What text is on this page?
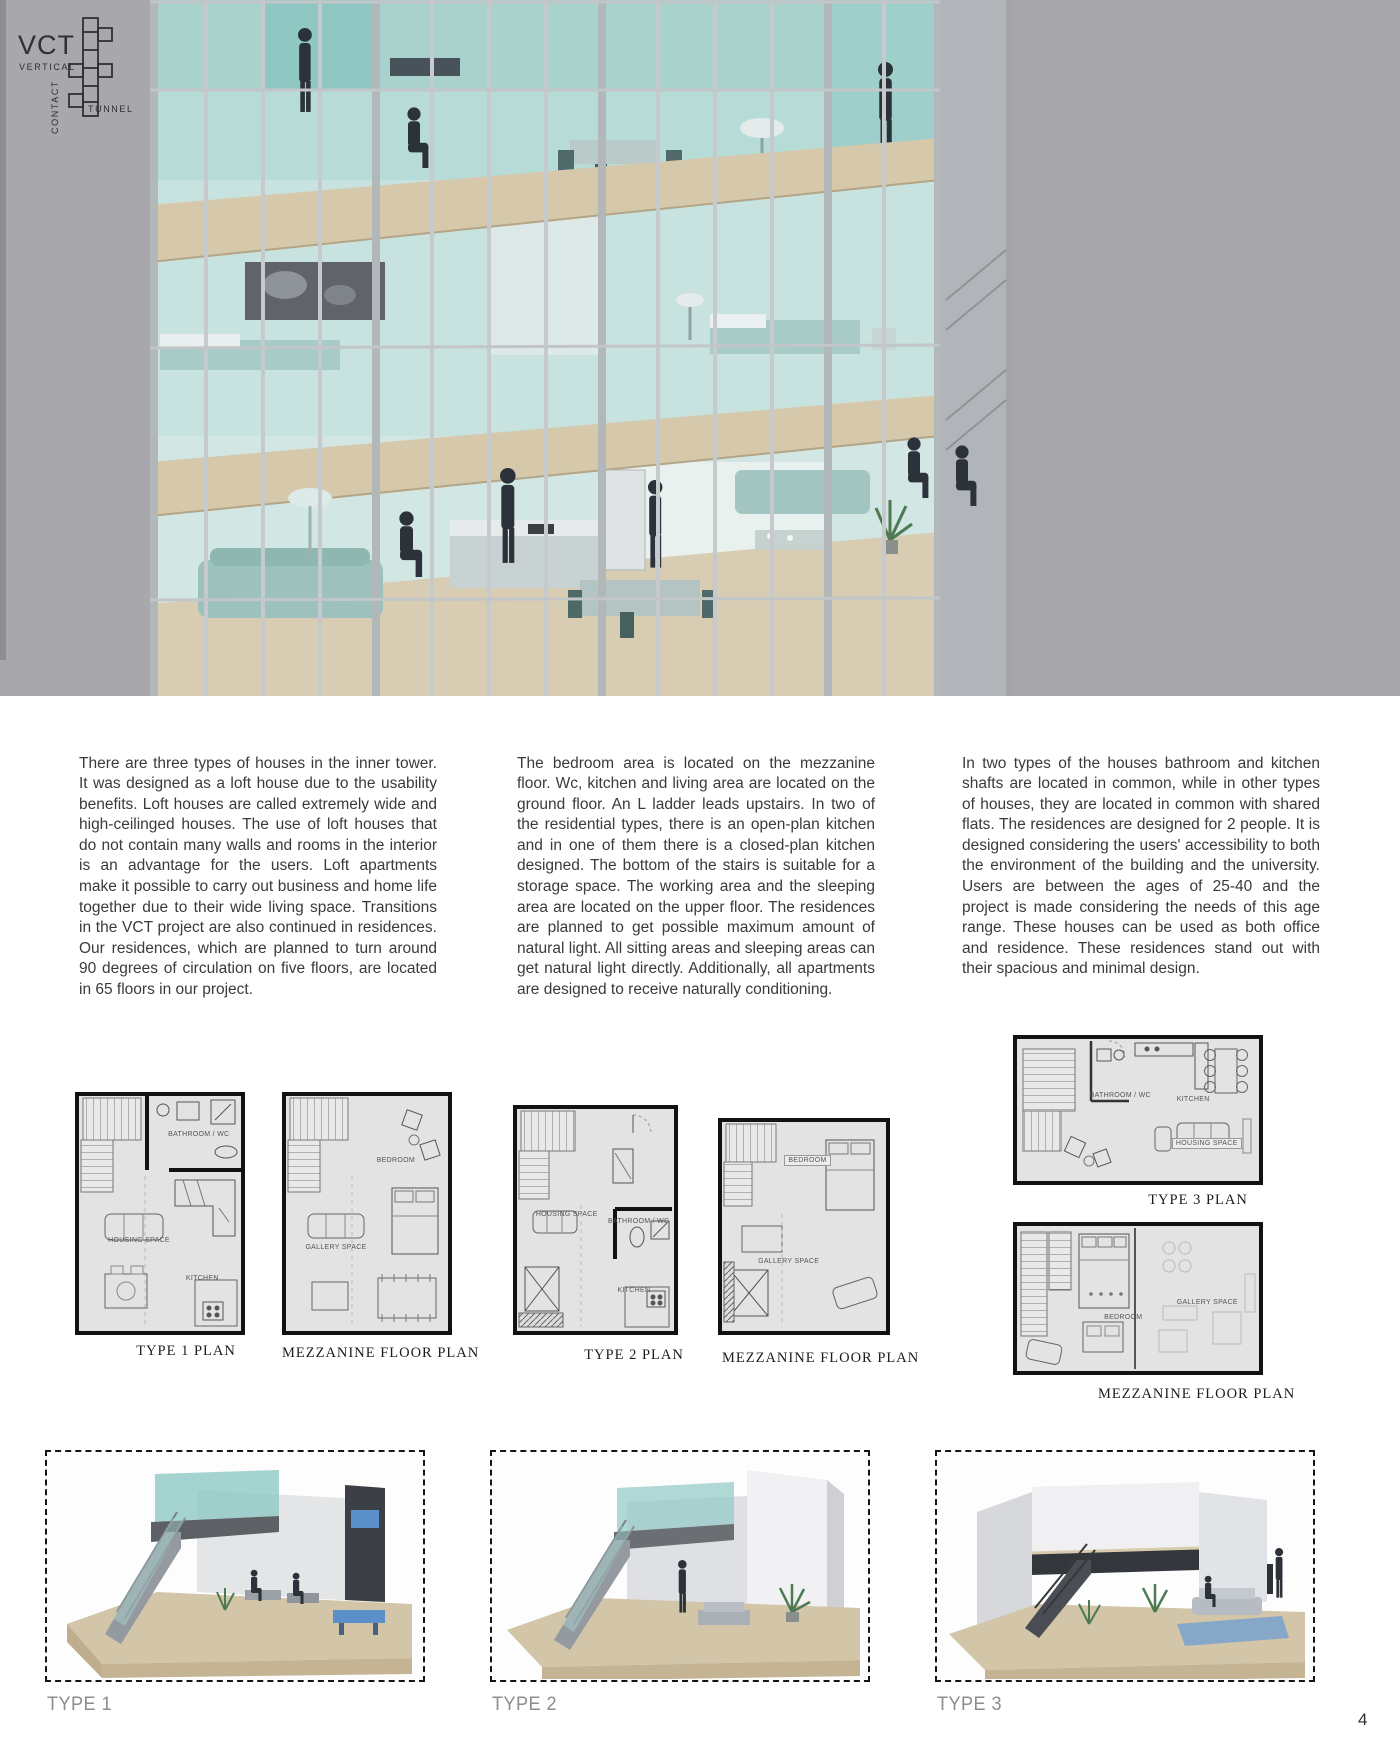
VCT
VERTICAL
CONTACT	TUNNEL

There are three types of houses in the inner tower. It was designed as a loft house due to the usability benefits. Loft houses are called extremely wide and high-ceilinged houses. The use of loft houses that do not contain many walls and rooms in the interior is an advantage for the users. Loft apartments make it possible to carry out business and home life together due to their wide living space. Transitions in the VCT project are also continued in residences. Our residences, which are planned to turn around 90 degrees of circulation on five floors, are located in 65 floors in our project.

The bedroom area is located on the mezzanine floor. Wc, kitchen and living area are located on the ground floor. An L ladder leads upstairs. In two of the residential types, there is an open-plan kitchen and in one of them there is a closed-plan kitchen designed. The bottom of the stairs is suitable for a storage space. The working area and the sleeping area are located on the upper floor. The residences are planned to get possible maximum amount of natural light. All sitting areas and sleeping areas can get natural light directly. Additionally, all apartments are designed to receive naturally conditioning.

In two types of the houses bathroom and kitchen shafts are located in common, while in other types of houses, they are located in common with shared flats. The residences are designed for 2 people. It is designed considering the users' accessibility to both the environment of the building and the university. Users are between the ages of 25-40 and the project is made considering the needs of this age range. These houses can be used as both office and residence. These residences stand out with their spacious and minimal design.

BATHROOM / WC
HOUSING SPACE
KITCHEN
TYPE 1 PLAN
BEDROOM
GALLERY SPACE
MEZZANINE FLOOR PLAN
HOUSING SPACE
BATHROOM / WC
KITCHEN
TYPE 2 PLAN
BEDROOM
GALLERY SPACE
MEZZANINE FLOOR PLAN
BATHROOM / WC
KITCHEN
HOUSING SPACE
TYPE 3 PLAN
BEDROOM
GALLERY SPACE
MEZZANINE FLOOR PLAN
TYPE 1	TYPE 2	TYPE 3
4
